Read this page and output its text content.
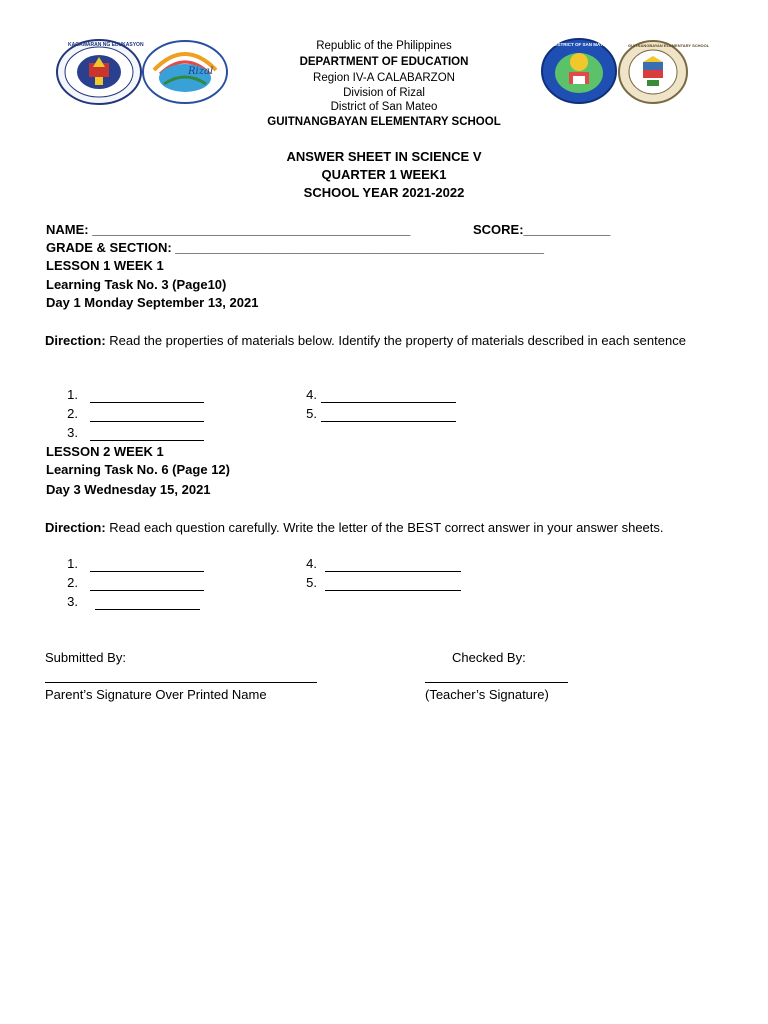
KAGAWARAN NG EDUKASYON
Rizal
DISTRICT OF SAN MATEO	GUITNANGBAYAN ELEMENTARY SCHOOL
Republic of the Philippines
DEPARTMENT OF EDUCATION
Region IV-A CALABARZON
Division of Rizal
District of San Mateo
GUITNANGBAYAN ELEMENTARY SCHOOL
ANSWER SHEET IN SCIENCE V
QUARTER 1 WEEK1
SCHOOL YEAR 2021-2022
NAME: ____________________________________________	SCORE:____________
GRADE & SECTION: ___________________________________________________
LESSON 1 WEEK 1
Learning Task No. 3 (Page10)
Day 1 Monday September 13, 2021
Direction: Read the properties of materials below. Identify the property of materials described in each sentence
1.
2.
3.
4.
5.
LESSON 2 WEEK 1
Learning Task No. 6 (Page 12)
Day 3 Wednesday 15, 2021
Direction: Read each question carefully. Write the letter of the BEST correct answer in your answer sheets.
1.
2.
3.
4.
5.
Submitted By:	Checked By:
Parent’s Signature Over Printed Name	(Teacher’s Signature)
